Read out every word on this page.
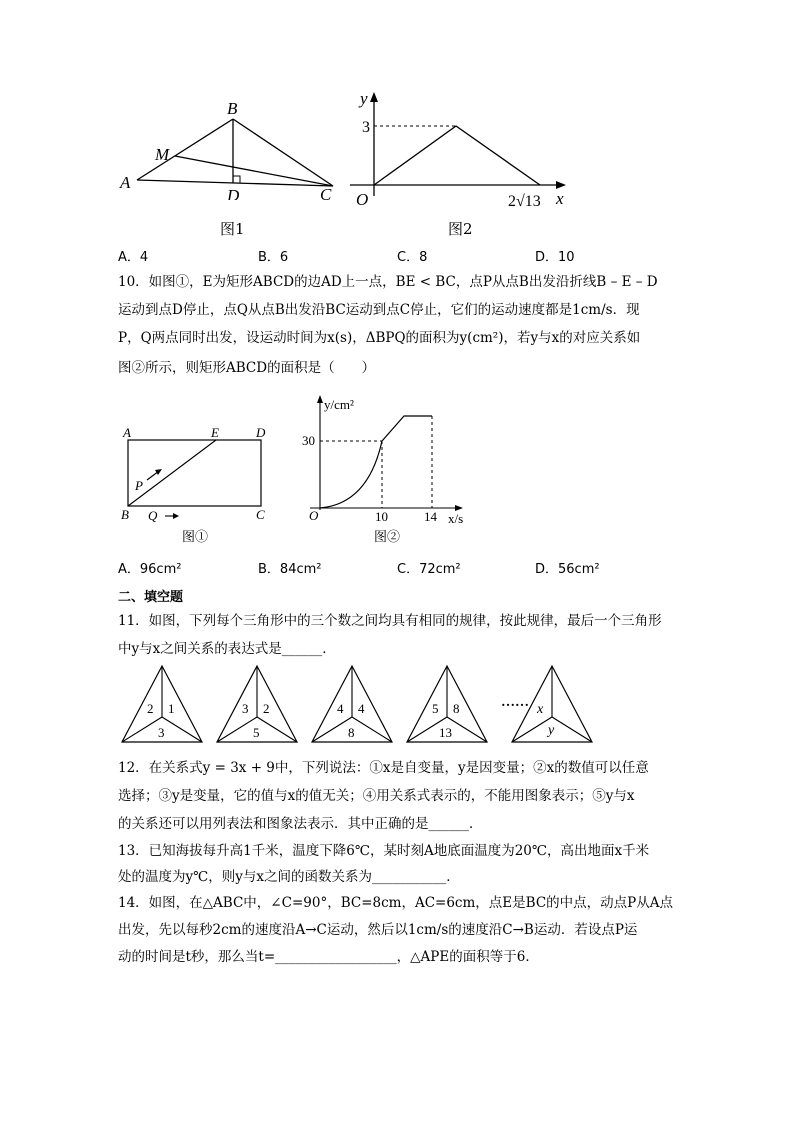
A
B
M
D	C
图1
y
x
O
3
2√13
图2
A．4	B．6	C．8	D．10
10．如图①，E为矩形ABCD的边AD上一点，BE < BC，点P从点B出发沿折线B – E – D
运动到点D停止，点Q从点B出发沿BC运动到点C停止，它们的运动速度都是1cm/s．现
P，Q两点同时出发，设运动时间为x(s)，ΔBPQ的面积为y(cm²)，若y与x的对应关系如
图②所示，则矩形ABCD的面积是（　　）
A	E	D
P
B Q	C
图①
y/cm²
30
O	10	14 x/s
图②
A．96cm²	B．84cm²	C．72cm²	D．56cm²
二、填空题
11．如图，下列每个三角形中的三个数之间均具有相同的规律，按此规律，最后一个三角形
中y与x之间关系的表达式是______．
2 1
3
3 2
5
4 4
8
5 8
13
…… x
y
12．在关系式y = 3x + 9中，下列说法：①x是自变量，y是因变量；②x的数值可以任意
选择；③y是变量，它的值与x的值无关；④用关系式表示的，不能用图象表示；⑤y与x
的关系还可以用列表法和图象法表示．其中正确的是______．
13．已知海拔每升高1千米，温度下降6℃，某时刻A地底面温度为20℃，高出地面x千米
处的温度为y℃，则y与x之间的函数关系为___________．
14．如图，在△ABC中，∠C=90°，BC=8cm，AC=6cm，点E是BC的中点，动点P从A点
出发，先以每秒2cm的速度沿A→C运动，然后以1cm/s的速度沿C→B运动．若设点P运
动的时间是t秒，那么当t=__________________，△APE的面积等于6．
